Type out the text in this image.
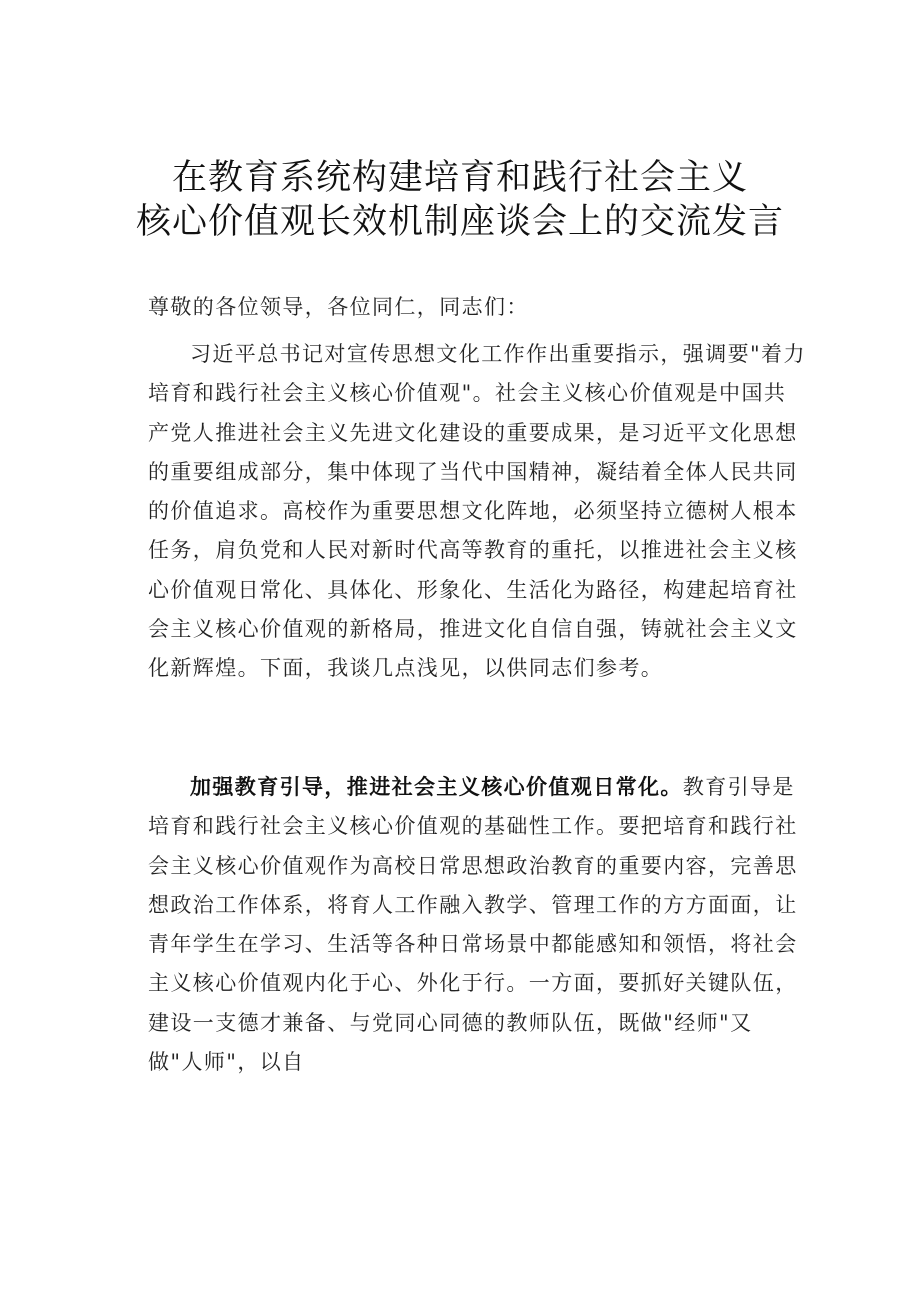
在教育系统构建培育和践行社会主义
核心价值观长效机制座谈会上的交流发言
尊敬的各位领导，各位同仁，同志们：
习近平总书记对宣传思想文化工作作出重要指示，强调要"着力培育和践行社会主义核心价值观"。社会主义核心价值观是中国共产党人推进社会主义先进文化建设的重要成果，是习近平文化思想的重要组成部分，集中体现了当代中国精神，凝结着全体人民共同的价值追求。高校作为重要思想文化阵地，必须坚持立德树人根本任务，肩负党和人民对新时代高等教育的重托，以推进社会主义核心价值观日常化、具体化、形象化、生活化为路径，构建起培育社会主义核心价值观的新格局，推进文化自信自强，铸就社会主义文化新辉煌。下面，我谈几点浅见，以供同志们参考。
加强教育引导，推进社会主义核心价值观日常化。教育引导是培育和践行社会主义核心价值观的基础性工作。要把培育和践行社会主义核心价值观作为高校日常思想政治教育的重要内容，完善思想政治工作体系，将育人工作融入教学、管理工作的方方面面，让青年学生在学习、生活等各种日常场景中都能感知和领悟，将社会主义核心价值观内化于心、外化于行。一方面，要抓好关键队伍，建设一支德才兼备、与党同心同德的教师队伍，既做"经师"又做"人师"，以自
